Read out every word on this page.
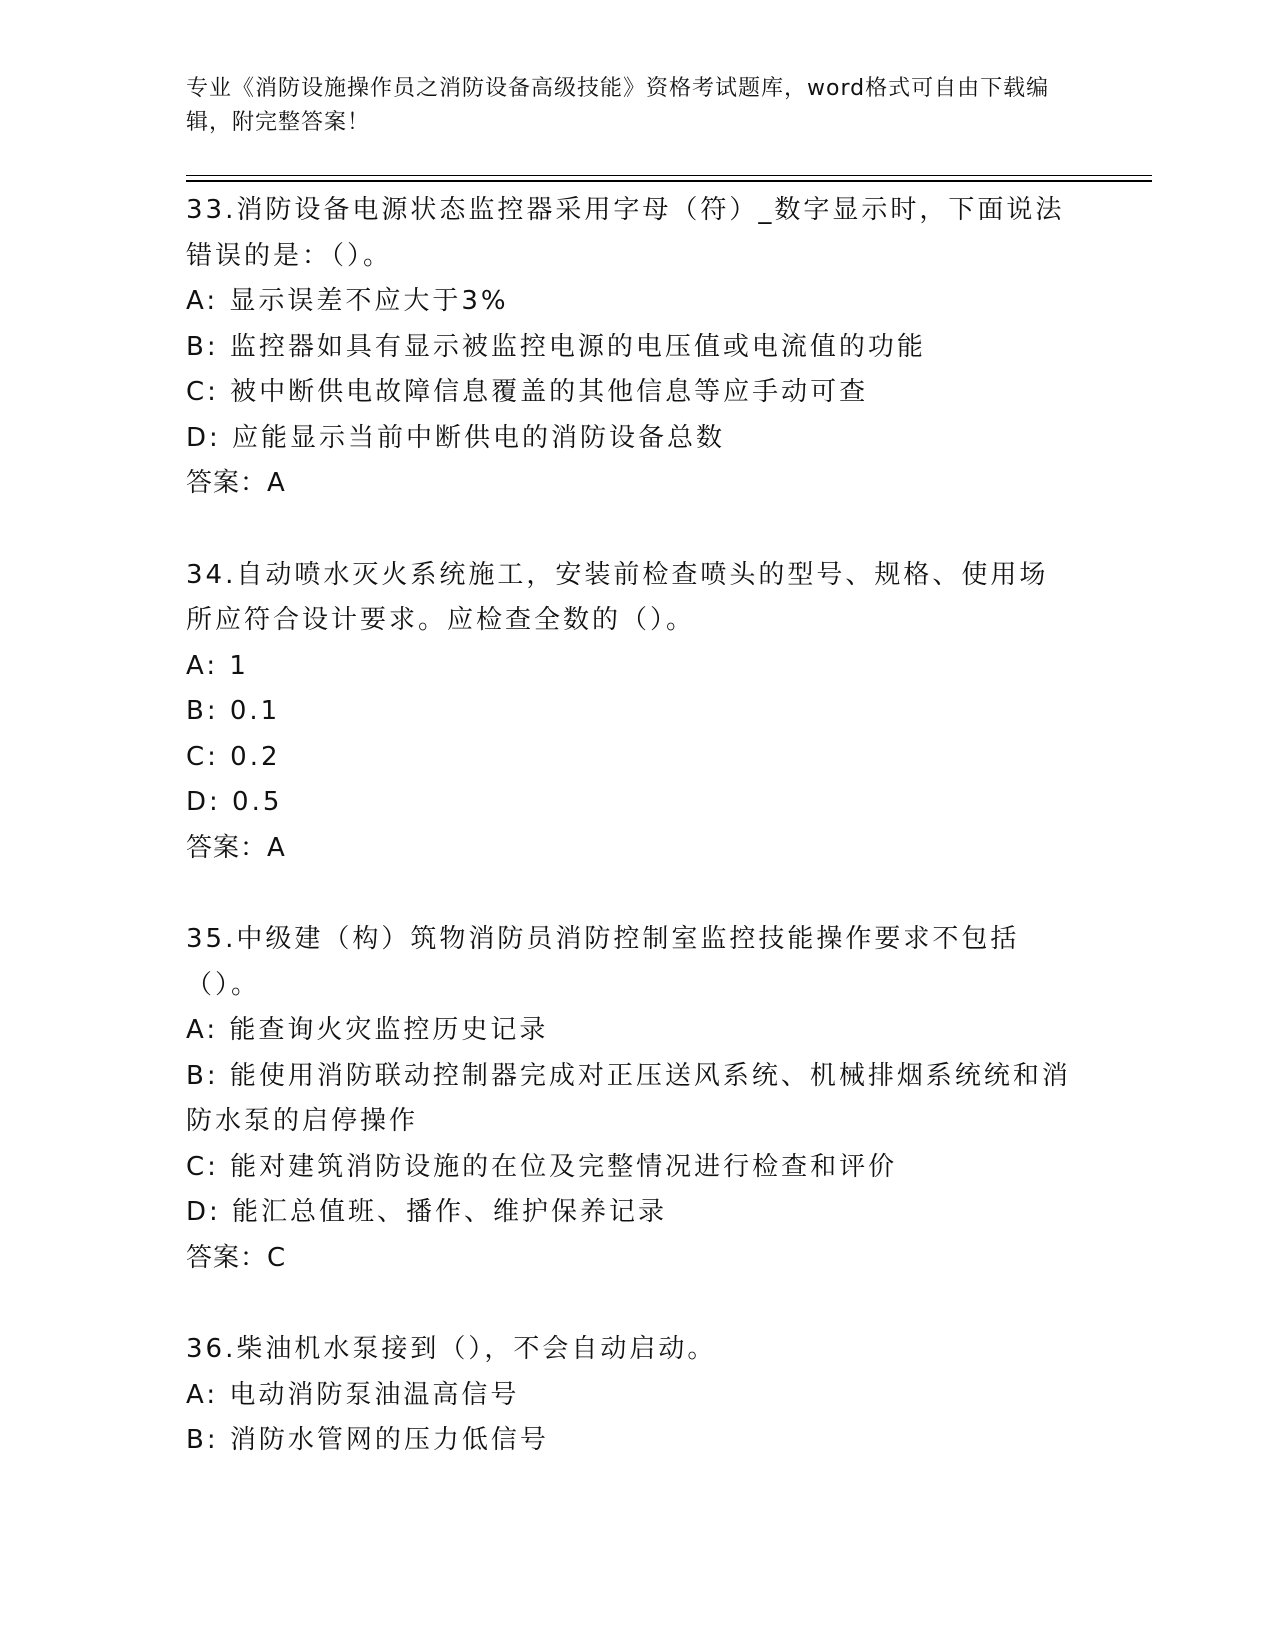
专业《消防设施操作员之消防设备高级技能》资格考试题库，word格式可自由下载编辑，附完整答案！
33.消防设备电源状态监控器采用字母（符）_数字显示时，下面说法错误的是：（）。
A: 显示误差不应大于3%
B: 监控器如具有显示被监控电源的电压值或电流值的功能
C: 被中断供电故障信息覆盖的其他信息等应手动可查
D: 应能显示当前中断供电的消防设备总数
答案：A
34.自动喷水灭火系统施工，安装前检查喷头的型号、规格、使用场所应符合设计要求。应检查全数的（）。
A: 1
B: 0.1
C: 0.2
D: 0.5
答案：A
35.中级建（构）筑物消防员消防控制室监控技能操作要求不包括（）。
A: 能查询火灾监控历史记录
B: 能使用消防联动控制器完成对正压送风系统、机械排烟系统统和消防水泵的启停操作
C: 能对建筑消防设施的在位及完整情况进行检查和评价
D: 能汇总值班、播作、维护保养记录
答案：C
36.柴油机水泵接到（），不会自动启动。
A: 电动消防泵油温高信号
B: 消防水管网的压力低信号
